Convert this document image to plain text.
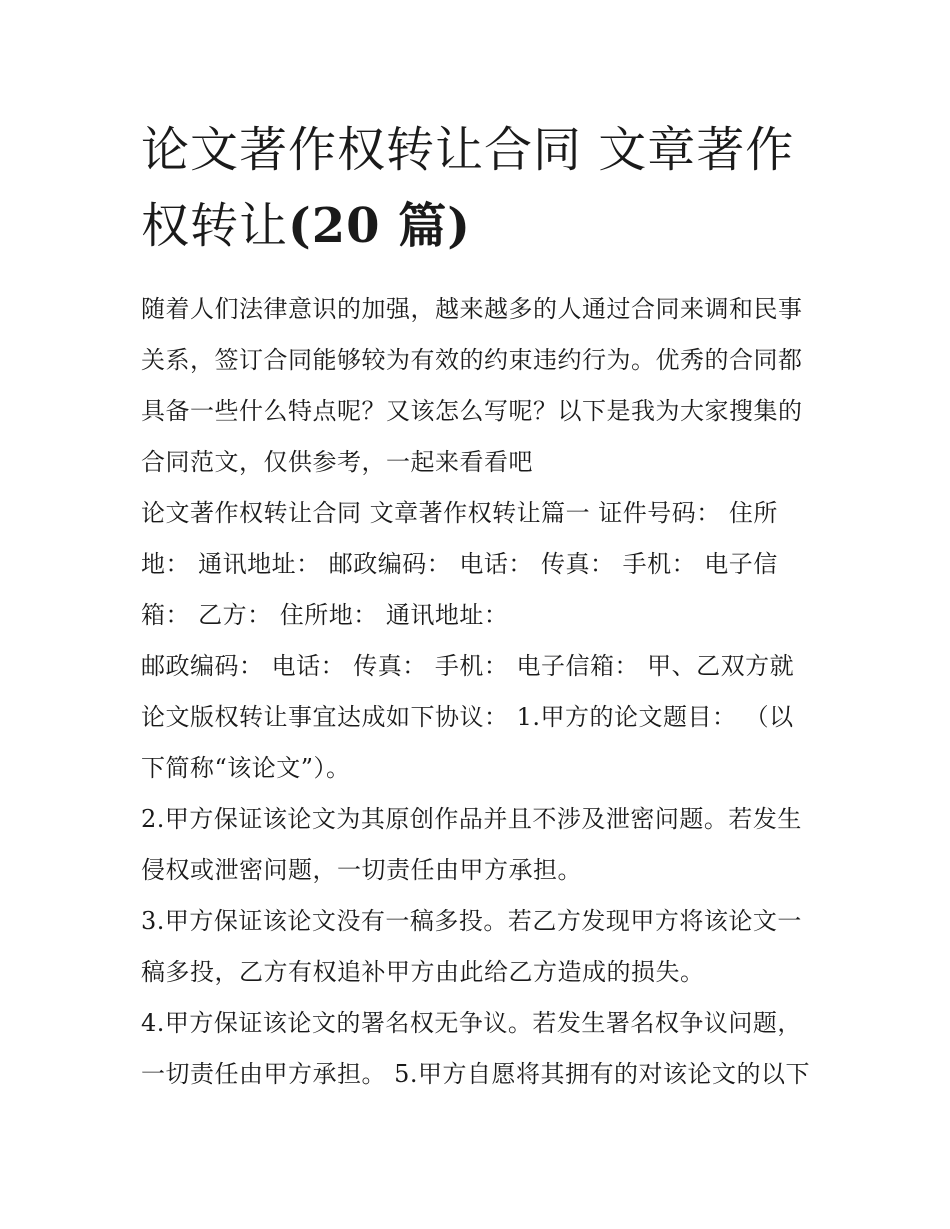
论文著作权转让合同 文章著作权转让(20 篇)

随着人们法律意识的加强，越来越多的人通过合同来调和民事关系，签订合同能够较为有效的约束违约行为。优秀的合同都具备一些什么特点呢？又该怎么写呢？以下是我为大家搜集的合同范文，仅供参考，一起来看看吧

论文著作权转让合同 文章著作权转让篇一 证件号码： 住所地： 通讯地址： 邮政编码： 电话： 传真： 手机： 电子信箱： 乙方： 住所地： 通讯地址：

邮政编码： 电话： 传真： 手机： 电子信箱： 甲、乙双方就论文版权转让事宜达成如下协议： 1.甲方的论文题目： （以下简称“该论文”）。

2.甲方保证该论文为其原创作品并且不涉及泄密问题。若发生侵权或泄密问题，一切责任由甲方承担。

3.甲方保证该论文没有一稿多投。若乙方发现甲方将该论文一稿多投，乙方有权追补甲方由此给乙方造成的损失。

4.甲方保证该论文的署名权无争议。若发生署名权争议问题，一切责任由甲方承担。 5.甲方自愿将其拥有的对该论文的以下
